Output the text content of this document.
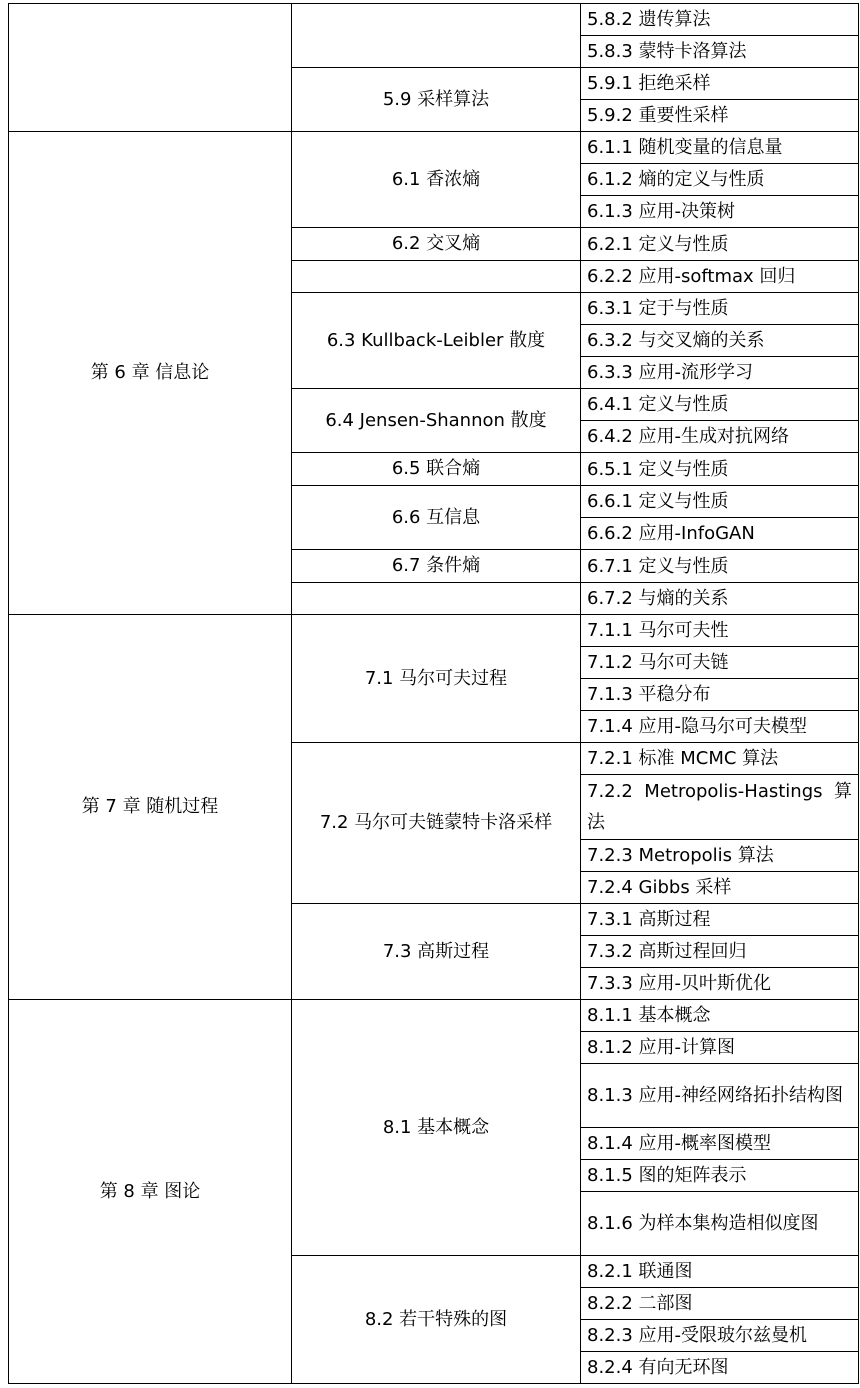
		5.8.2 遗传算法
		5.8.3 蒙特卡洛算法
	5.9 采样算法	5.9.1 拒绝采样
		5.9.2 重要性采样
第 6 章 信息论	6.1 香浓熵	6.1.1 随机变量的信息量
		6.1.2 熵的定义与性质
		6.1.3 应用-决策树
	6.2 交叉熵	6.2.1 定义与性质
		6.2.2 应用-softmax 回归
	6.3 Kullback-Leibler 散度	6.3.1 定于与性质
		6.3.2 与交叉熵的关系
		6.3.3 应用-流形学习
	6.4 Jensen-Shannon 散度	6.4.1 定义与性质
		6.4.2 应用-生成对抗网络
	6.5 联合熵	6.5.1 定义与性质
	6.6 互信息	6.6.1 定义与性质
		6.6.2 应用-InfoGAN
	6.7 条件熵	6.7.1 定义与性质
		6.7.2 与熵的关系
第 7 章 随机过程	7.1 马尔可夫过程	7.1.1 马尔可夫性
		7.1.2 马尔可夫链
		7.1.3 平稳分布
		7.1.4 应用-隐马尔可夫模型
	7.2 马尔可夫链蒙特卡洛采样	7.2.1 标准 MCMC 算法
		7.2.2 Metropolis-Hastings 算法
		7.2.3 Metropolis 算法
		7.2.4 Gibbs 采样
	7.3 高斯过程	7.3.1 高斯过程
		7.3.2 高斯过程回归
		7.3.3 应用-贝叶斯优化
第 8 章 图论	8.1 基本概念	8.1.1 基本概念
		8.1.2 应用-计算图
		8.1.3 应用-神经网络拓扑结构图
		8.1.4 应用-概率图模型
		8.1.5 图的矩阵表示
		8.1.6 为样本集构造相似度图
	8.2 若干特殊的图	8.2.1 联通图
		8.2.2 二部图
		8.2.3 应用-受限玻尔兹曼机
		8.2.4 有向无环图
